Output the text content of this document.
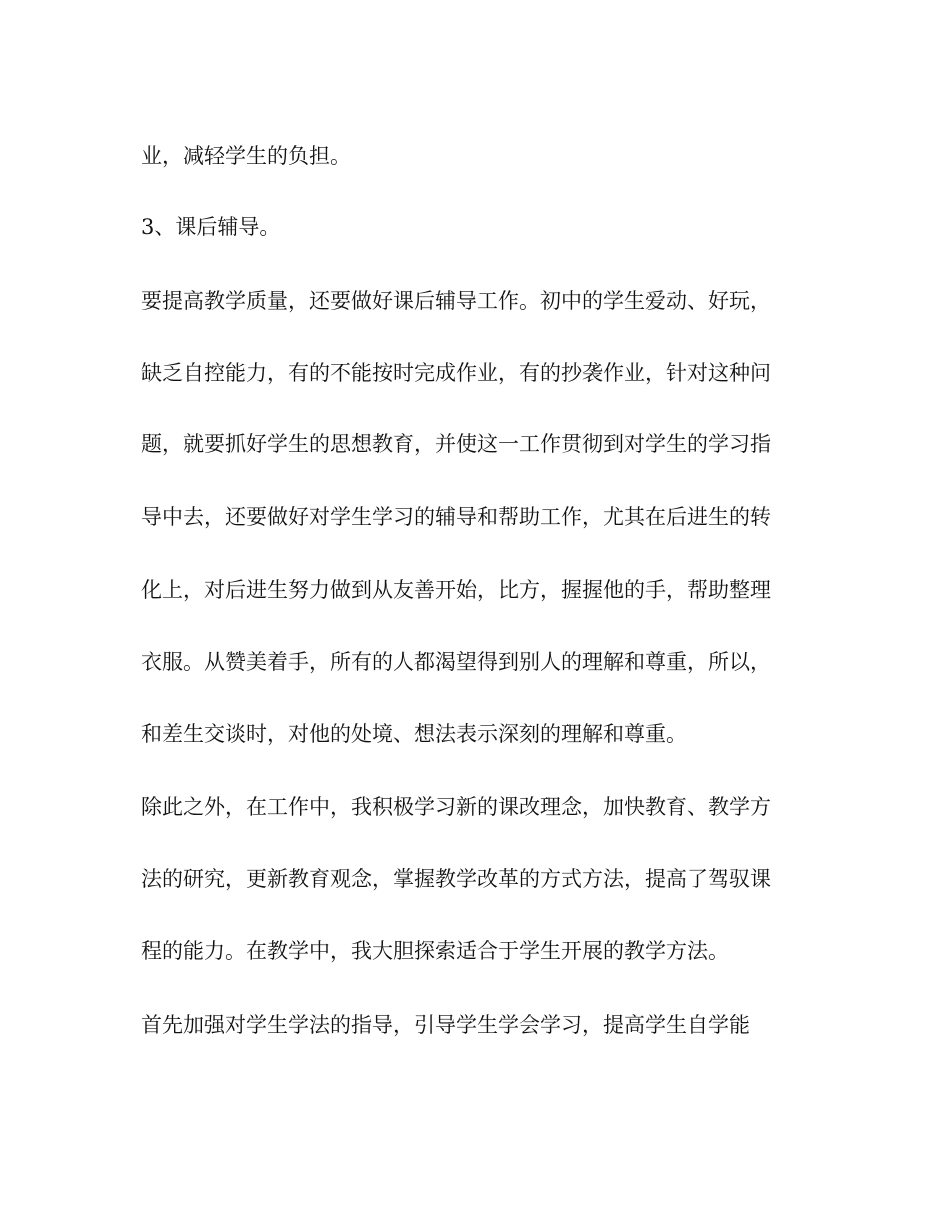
业，减轻学生的负担。

3、课后辅导。

要提高教学质量，还要做好课后辅导工作。初中的学生爱动、好玩，

缺乏自控能力，有的不能按时完成作业，有的抄袭作业，针对这种问

题，就要抓好学生的思想教育，并使这一工作贯彻到对学生的学习指

导中去，还要做好对学生学习的辅导和帮助工作，尤其在后进生的转

化上，对后进生努力做到从友善开始，比方，握握他的手，帮助整理

衣服。从赞美着手，所有的人都渴望得到别人的理解和尊重，所以，

和差生交谈时，对他的处境、想法表示深刻的理解和尊重。

除此之外，在工作中，我积极学习新的课改理念，加快教育、教学方

法的研究，更新教育观念，掌握教学改革的方式方法，提高了驾驭课

程的能力。在教学中，我大胆探索适合于学生开展的教学方法。

首先加强对学生学法的指导，引导学生学会学习，提高学生自学能
